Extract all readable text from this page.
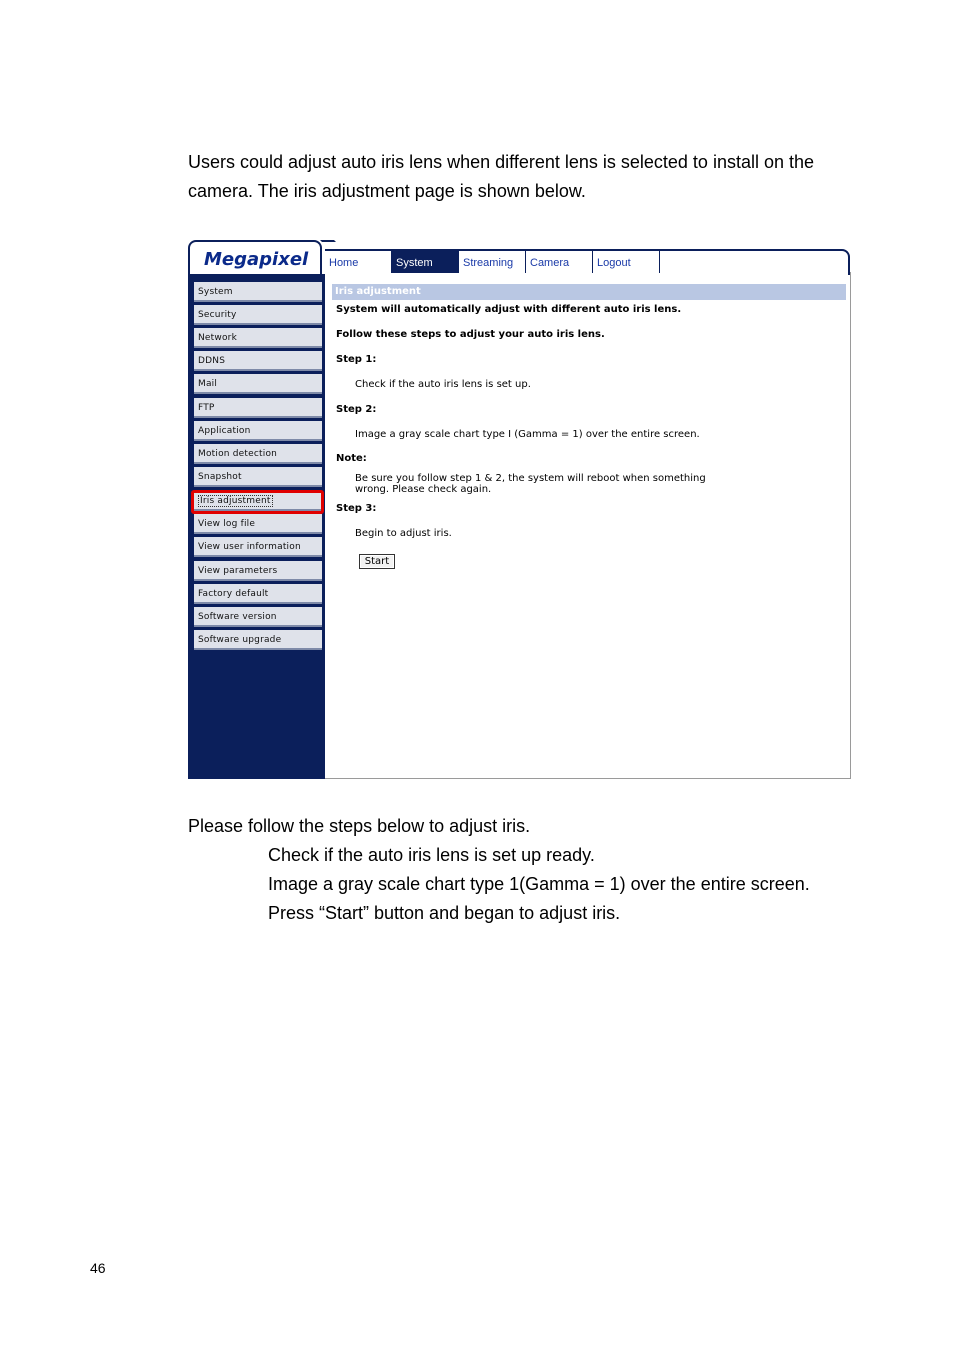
Users could adjust auto iris lens when different lens is selected to install on the camera. The iris adjustment page is shown below.

Megapixel	Home	System	Streaming	Camera	Logout
System
Security
Network
DDNS
Mail
FTP
Application
Motion detection
Snapshot
Iris adjustment
View log file
View user information
View parameters
Factory default
Software version
Software upgrade
Iris adjustment
System will automatically adjust with different auto iris lens.
Follow these steps to adjust your auto iris lens.
Step 1:
Check if the auto iris lens is set up.
Step 2:
Image a gray scale chart type I (Gamma = 1) over the entire screen.
Note:
Be sure you follow step 1 & 2, the system will reboot when something
wrong. Please check again.
Step 3:
Begin to adjust iris.
Start
Please follow the steps below to adjust iris.
Check if the auto iris lens is set up ready.
Image a gray scale chart type 1(Gamma = 1) over the entire screen.
Press “Start” button and began to adjust iris.
46
